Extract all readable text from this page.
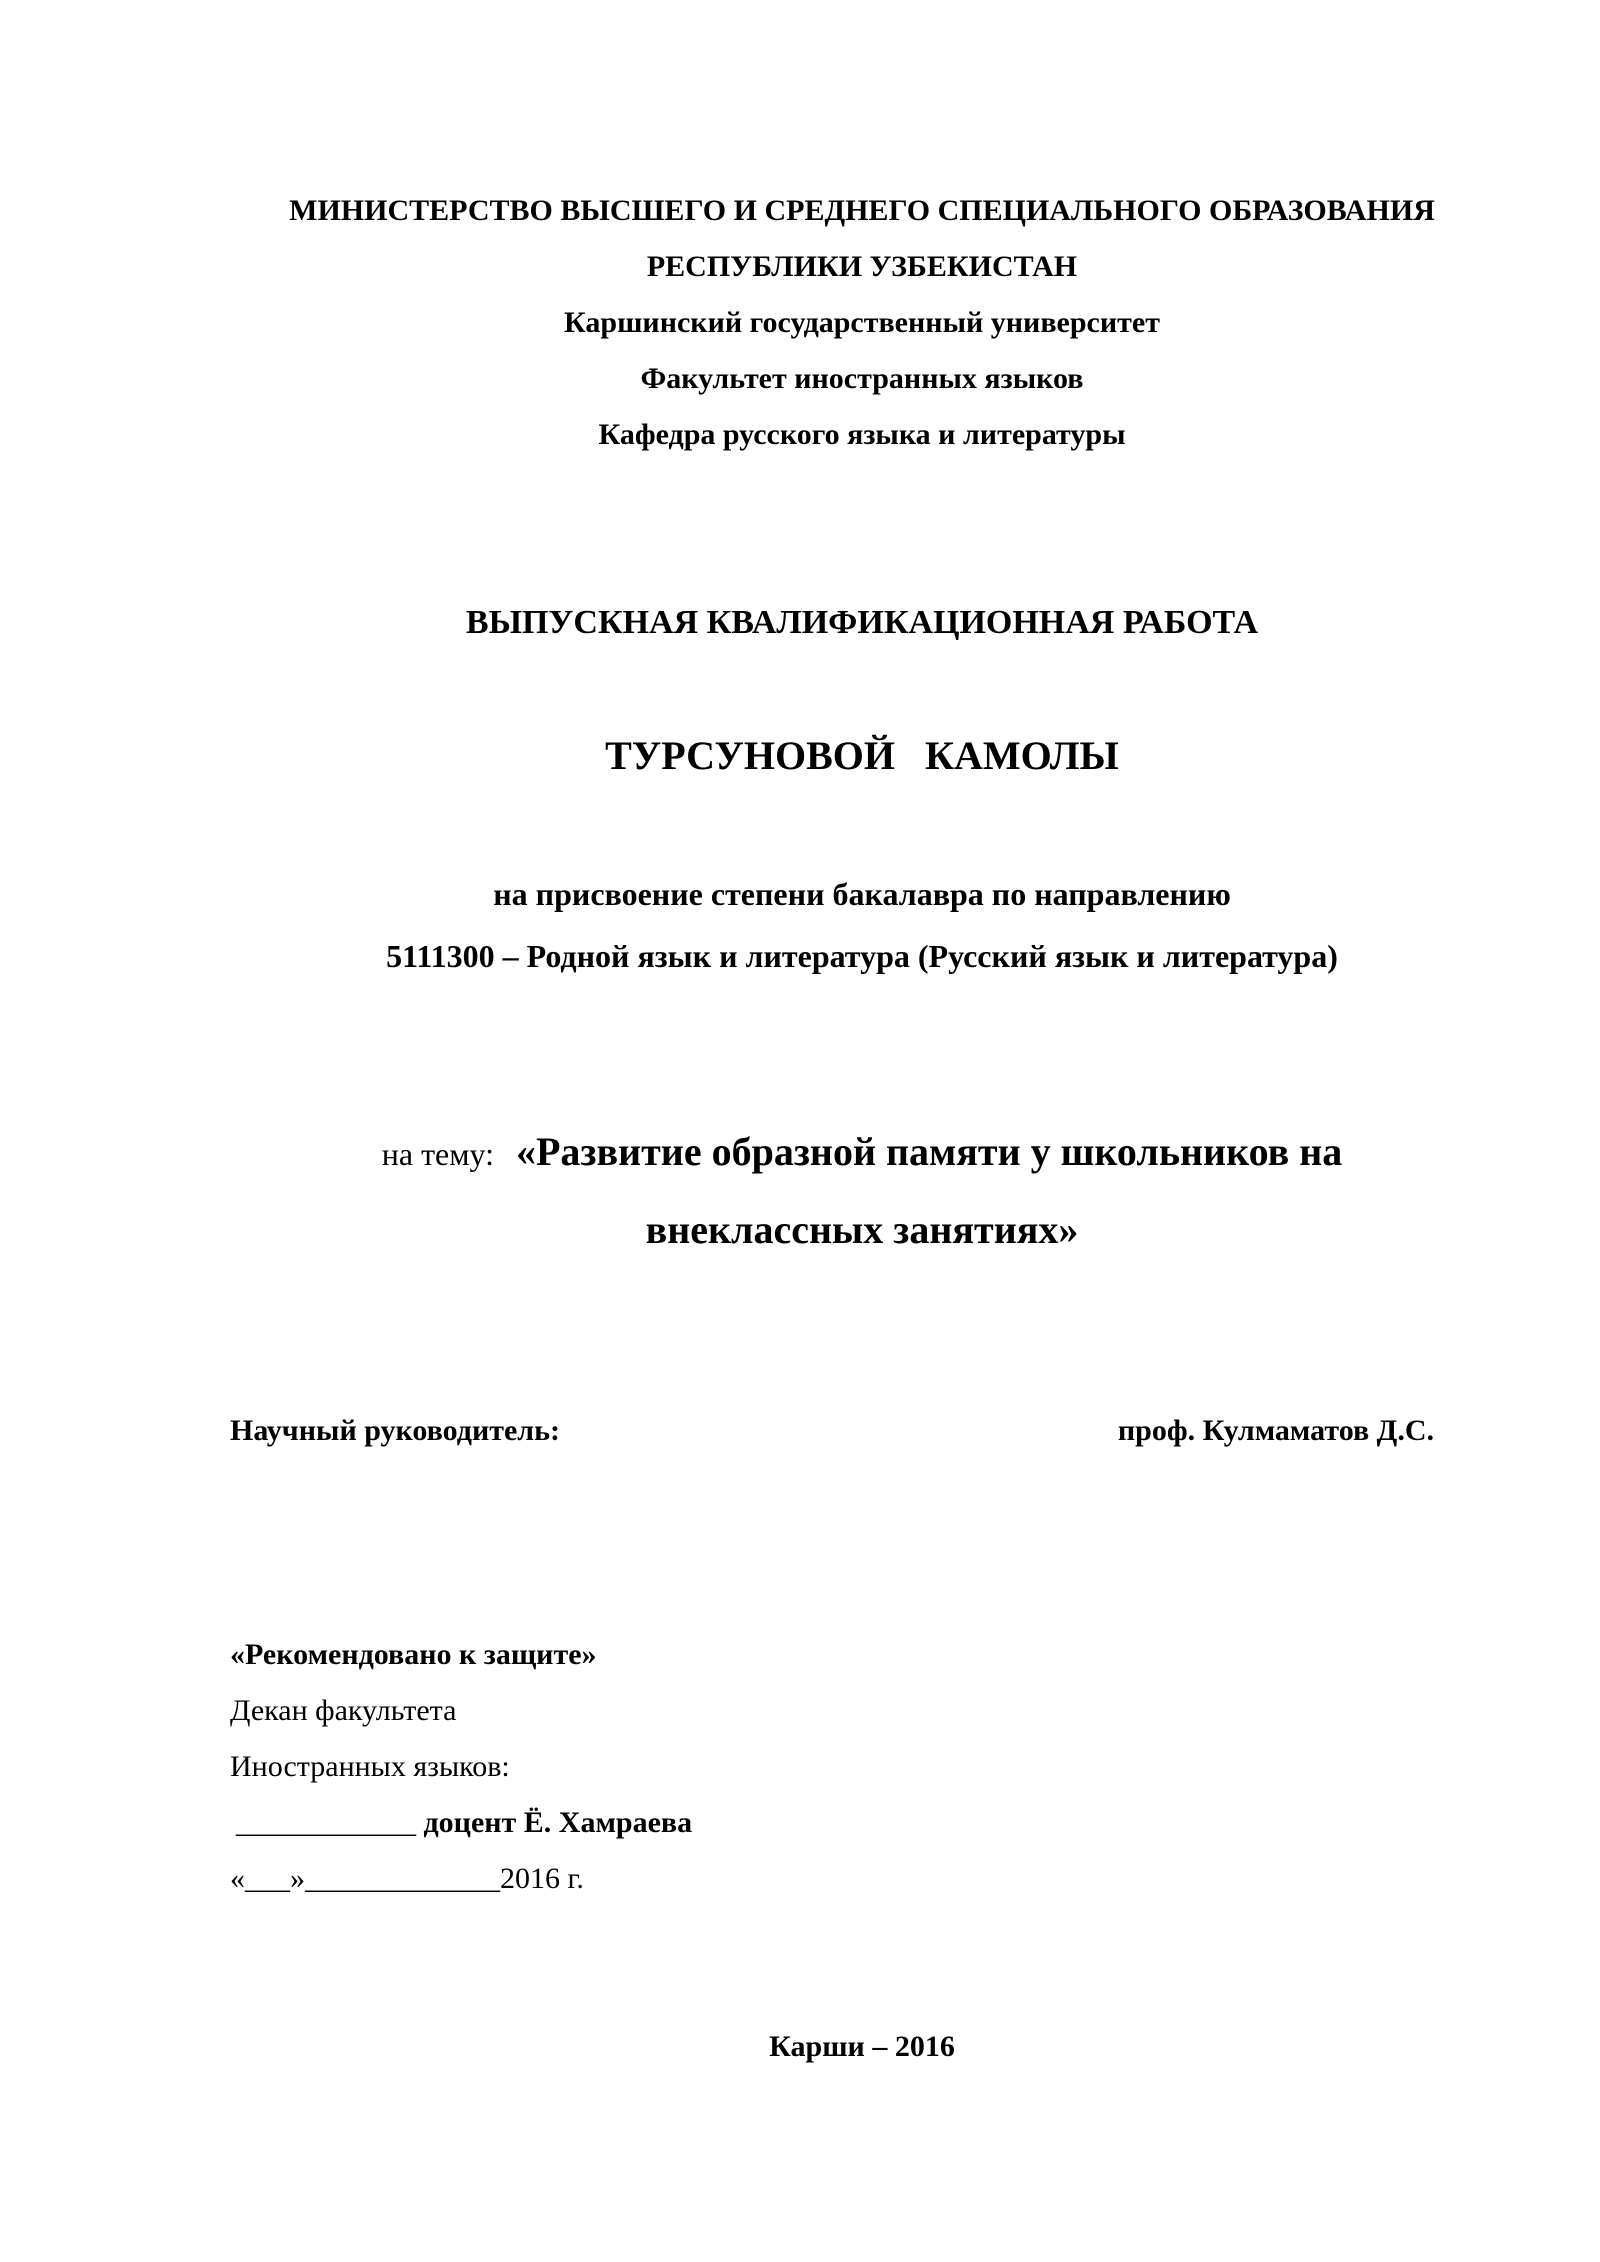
МИНИСТЕРСТВО ВЫСШЕГО И СРЕДНЕГО СПЕЦИАЛЬНОГО ОБРАЗОВАНИЯ
РЕСПУБЛИКИ УЗБЕКИСТАН
Каршинский государственный университет
Факультет иностранных языков
Кафедра русского языка и литературы
ВЫПУСКНАЯ КВАЛИФИКАЦИОННАЯ РАБОТА
ТУРСУНОВОЙ   КАМОЛЫ
на присвоение степени бакалавра по направлению
5111300 – Родной язык и литература (Русский язык и литература)
на тему: «Развитие образной памяти у школьников на
внеклассных занятиях»
Научный руководитель:	проф. Кулмаматов Д.С.
«Рекомендовано к защите»
Декан факультета
Иностранных языков:
____________ доцент Ё. Хамраева
«___»_____________2016 г.
Карши – 2016
